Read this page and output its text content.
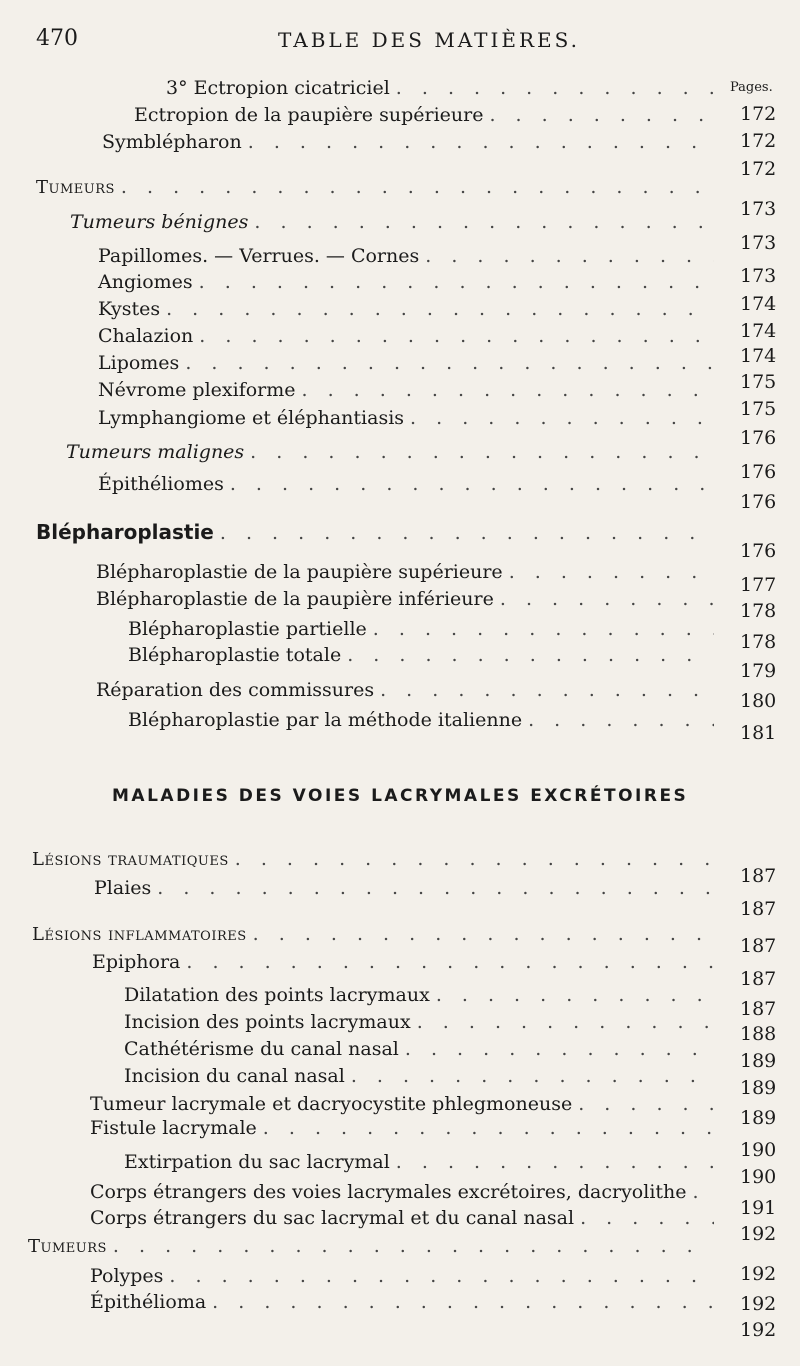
470	TABLE DES MATIÈRES.
Pages.
3° Ectropion cicatriciel
. . .
Ectropion de la paupière supérieure
. . .
Symblépharon
. . .
Tumeurs
. . .
Tumeurs bénignes
. . .
Papillomes. — Verrues. — Cornes
. . .
Angiomes
. . .
Kystes
. . .
Chalazion
. . .
Lipomes
. . .
Névrome plexiforme
. . .
Lymphangiome et éléphantiasis
. . .
Tumeurs malignes
. . .
Épithéliomes
. . .
Blépharoplastie
. . .
Blépharoplastie de la paupière supérieure
. . .
Blépharoplastie de la paupière inférieure
. . .
Blépharoplastie partielle
. . .
Blépharoplastie totale
. . .
Réparation des commissures
. . .
Blépharoplastie par la méthode italienne
. . .
MALADIES DES VOIES LACRYMALES EXCRÉTOIRES
Lésions traumatiques
. . .
Plaies
. . .
Lésions inflammatoires
. . .
Epiphora
. . .
Dilatation des points lacrymaux
. . .
Incision des points lacrymaux
. . .
Cathétérisme du canal nasal
. . .
Incision du canal nasal
. . .
Tumeur lacrymale et dacryocystite phlegmoneuse
. . .
Fistule lacrymale
. . .
Extirpation du sac lacrymal
. . .
Corps étrangers des voies lacrymales excrétoires, dacryolithe
. . .
Corps étrangers du sac lacrymal et du canal nasal
. . .
Tumeurs
. . .
Polypes
. . .
Épithélioma
. . .
172
172
172
173
173
173
174
174
174
175
175
176
176
176
176
177
178
178
179
180
181
187
187
187
187
187
188
189
189
189
190
190
191
192
192
192
192
